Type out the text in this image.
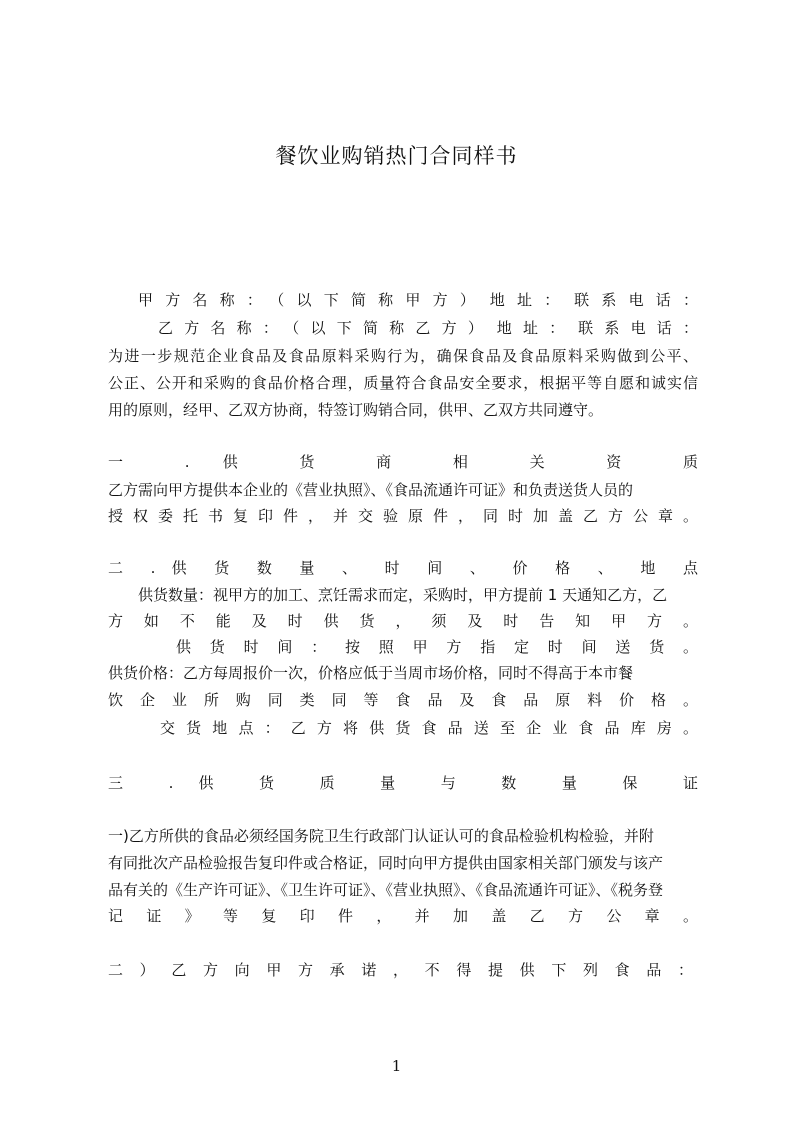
餐饮业购销热门合同样书
甲 方 名 称 ：　（ 以 下 简 称 甲 方 ）　地 址 ：　联 系 电 话 ：
乙 方 名 称 ：　（ 以 下 简 称 乙 方 ）　地 址 ：　联 系 电 话 ：
为进一步规范企业食品及食品原料采购行为，确保食品及食品原料采购做到公平、
公正、公开和采购的食品价格合理，质量符合食品安全要求，根据平等自愿和诚实信
用的原则，经甲、乙双方协商，特签订购销合同，供甲、乙双方共同遵守。
一 . 供 货 商 相 关 资 质
乙方需向甲方提供本企业的《营业执照》、《食品流通许可证》和负责送货人员的
授 权 委 托 书 复 印 件 ， 并 交 验 原 件 ， 同 时 加 盖 乙 方 公 章 。
二 . 供 货 数 量 、 时 间 、 价 格 、 地 点
供货数量：视甲方的加工、烹饪需求而定，采购时，甲方提前 1 天通知乙方，乙
方 如 不 能 及 时 供 货 ， 须 及 时 告 知 甲 方 。
供 货 时 间 ： 按 照 甲 方 指 定 时 间 送 货 。
供货价格：乙方每周报价一次，价格应低于当周市场价格，同时不得高于本市餐
饮 企 业 所 购 同 类 同 等 食 品 及 食 品 原 料 价 格 。
交 货 地 点 ： 乙 方 将 供 货 食 品 送 至 企 业 食 品 库 房 。
三 . 供 货 质 量 与 数 量 保 证
一)乙方所供的食品必须经国务院卫生行政部门认证认可的食品检验机构检验，并附
有同批次产品检验报告复印件或合格证，同时向甲方提供由国家相关部门颁发与该产
品有关的《生产许可证》、《卫生许可证》、《营业执照》、《食品流通许可证》、《税务登
记 证 》 等 复 印 件 ， 并 加 盖 乙 方 公 章 。
二 ） 乙 方 向 甲 方 承 诺 ， 不 得 提 供 下 列 食 品 ：
1
